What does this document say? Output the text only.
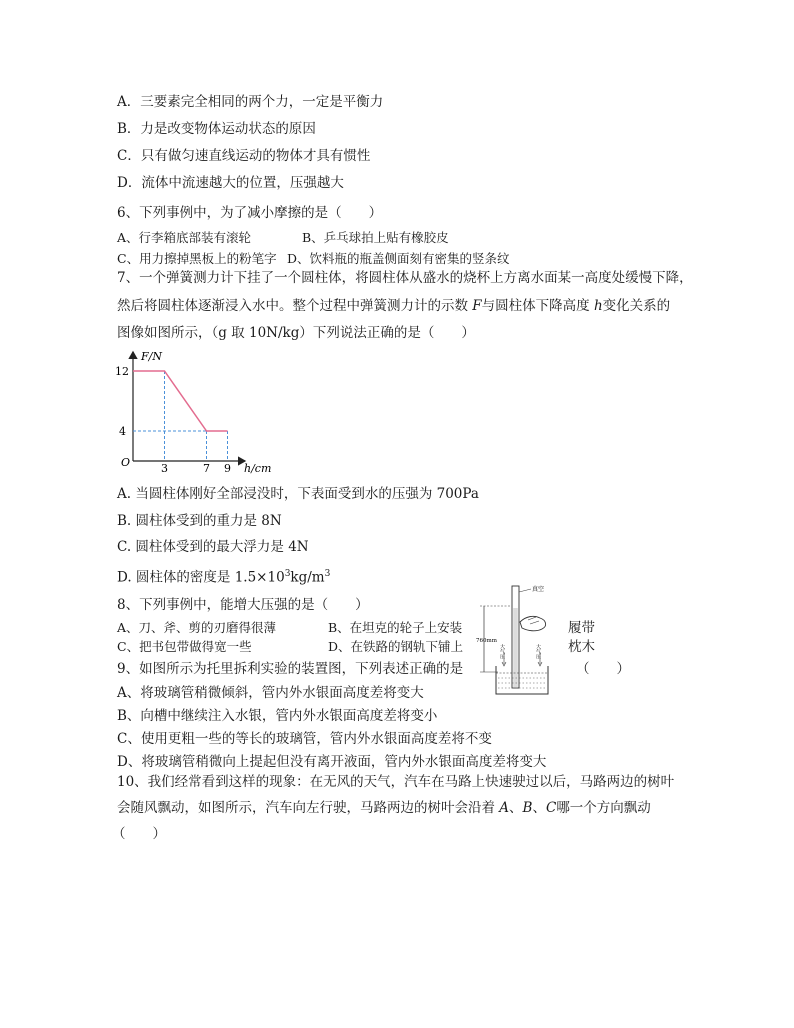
A．三要素完全相同的两个力，一定是平衡力
B．力是改变物体运动状态的原因
C．只有做匀速直线运动的物体才具有惯性
D．流体中流速越大的位置，压强越大
6、下列事例中，为了减小摩擦的是（　　）
A、行李箱底部装有滚轮	B、乒乓球拍上贴有橡胶皮
C、用力擦掉黑板上的粉笔字 D、饮料瓶的瓶盖侧面刻有密集的竖条纹
7、一个弹簧测力计下挂了一个圆柱体，将圆柱体从盛水的烧杯上方离水面某一高度处缓慢下降，
然后将圆柱体逐渐浸入水中。整个过程中弹簧测力计的示数 F与圆柱体下降高度 h变化关系的
图像如图所示，（g 取 10N/kg）下列说法正确的是（　　）
F/N
h/cm
O
12
4
3	7 9
A. 当圆柱体刚好全部浸没时，下表面受到水的压强为 700Pa
B. 圆柱体受到的重力是 8N
C. 圆柱体受到的最大浮力是 4N
D. 圆柱体的密度是 $1.5\times 10^3kg/m^3$
8、下列事例中，能增大压强的是（　　）
A、刀、斧、剪的刃磨得很薄	B、在坦克的轮子上安装	履带
C、把书包带做得宽一些	D、在铁路的钢轨下铺上	枕木
真空
760mm
大气压	大气压
9、如图所示为托里拆利实验的装置图，下列表述正确的是	（　　）
A、将玻璃管稍微倾斜，管内外水银面高度差将变大
B、向槽中继续注入水银，管内外水银面高度差将变小
C、使用更粗一些的等长的玻璃管，管内外水银面高度差将不变
D、将玻璃管稍微向上提起但没有离开液面，管内外水银面高度差将变大
10、我们经常看到这样的现象：在无风的天气，汽车在马路上快速驶过以后，马路两边的树叶
会随风飘动，如图所示，汽车向左行驶，马路两边的树叶会沿着 A、B、C哪一个方向飘动
（　　）
